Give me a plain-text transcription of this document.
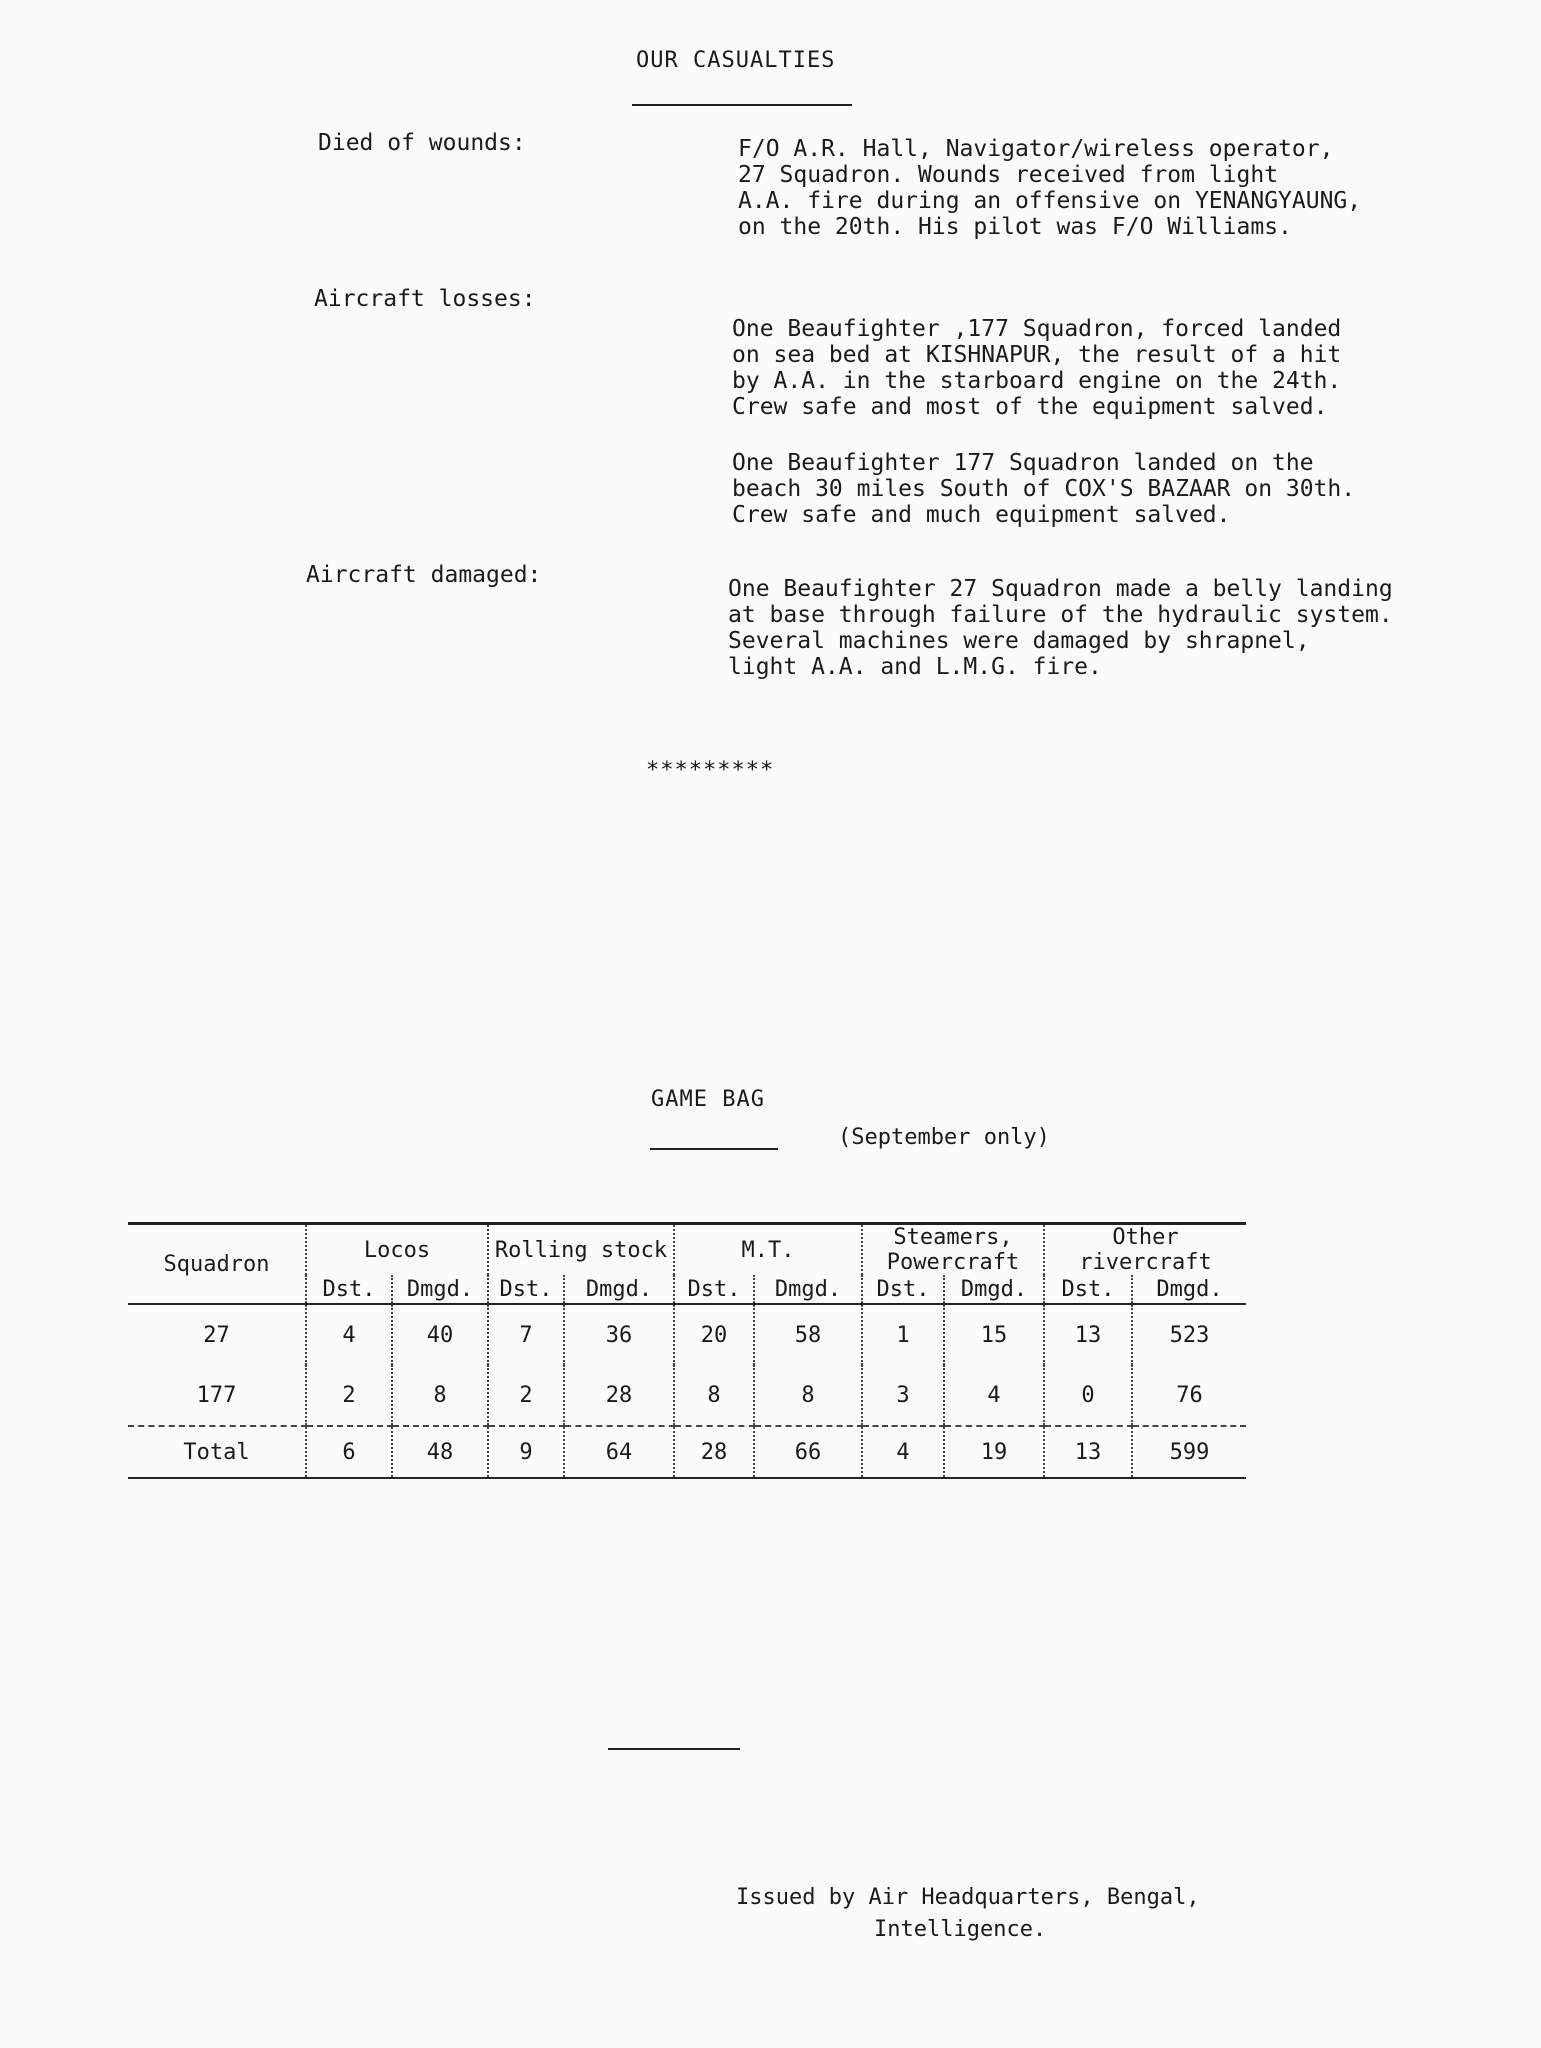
OUR CASUALTIES
Died of wounds:	F/O A.R. Hall, Navigator/wireless operator,
27 Squadron. Wounds received from light
A.A. fire during an offensive on YENANGYAUNG,
on the 20th. His pilot was F/O Williams.
Aircraft losses:
One Beaufighter ,177 Squadron, forced landed
on sea bed at KISHNAPUR, the result of a hit
by A.A. in the starboard engine on the 24th.
Crew safe and most of the equipment salved.
One Beaufighter 177 Squadron landed on the
beach 30 miles South of COX'S BAZAAR on 30th.
Crew safe and much equipment salved.
Aircraft damaged:
One Beaufighter 27 Squadron made a belly landing
at base through failure of the hydraulic system.
Several machines were damaged by shrapnel,
light A.A. and L.M.G. fire.
*********
GAME BAG
(September only)
Squadron	Locos		Rolling stock		M.T.		Steamers, Powercraft		Other rivercraft	
	Dst.	Dmgd.	Dst.	Dmgd.	Dst.	Dmgd.	Dst.	Dmgd.	Dst.	Dmgd.
27	4	40	7	36	20	58	1	15	13	523
177	2	8	2	28	8	8	3	4	0	76
Total	6	48	9	64	28	66	4	19	13	599
Issued by Air Headquarters, Bengal,
Intelligence.
